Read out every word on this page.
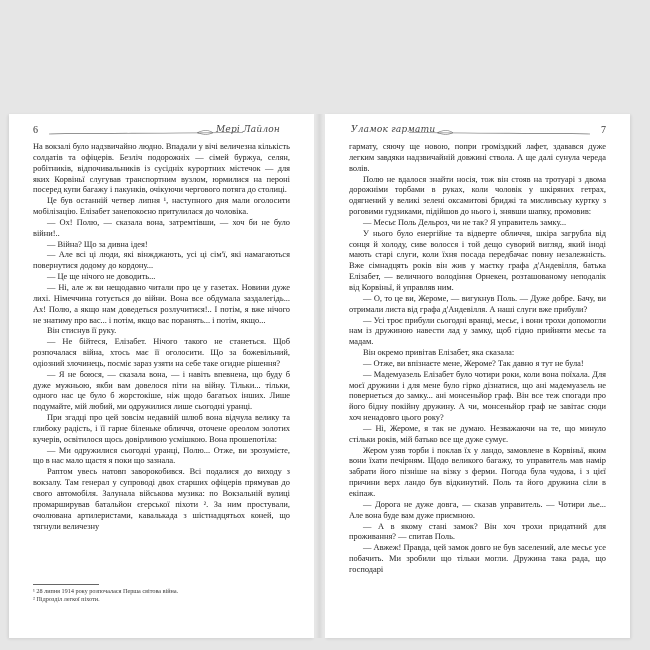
6	Мері Лайлон

На вокзалі було надзвичайно людно. Впадали у вічі величезна кількість солдатів та офіцерів. Безліч подорожніх — сімей буржуа, селян, робітників, відпочивальників із сусідніх курортних містечок — для яких Корвіньї слугував транспортним вузлом, юрмилися на пероні посеред купи багажу і пакунків, очікуючи чергового потяга до столиці.

Це був останній четвер липня ¹, наступного дня мали оголосити мобілізацію. Елізабет занепокоєно притулилася до чоловіка.

— Ох! Полю, — сказала вона, затремтівши, — хоч би не було війни!..

— Війна? Що за дивна ідея!

— Але всі ці люди, які вінжджають, усі ці сім'ї, які намагаються повернутися додому до кордону...

— Це ще нічого не доводить...

— Ні, але ж ви нещодавно читали про це у газетах. Новини дуже лихі. Німеччина готується до війни. Вона все обдумала заздалегідь... Ах! Полю, а якщо нам доведеться розлучитися!.. І потім, я вже нічого не знатиму про вас... і потім, якщо вас поранять... і потім, якщо...

Він стиснув її руку.

— Не бійтеся, Елізабет. Нічого такого не станеться. Щоб розпочалася війна, хтось має її оголосити. Що за божевільний, одіозний злочинець, посміє зараз узяти на себе таке огидне рішення?

— Я не боюся, — сказала вона, — і навіть впевнена, що буду б дуже мужньою, якби вам довелося піти на війну. Тільки... тільки, одного нас це було б жорстокіше, ніж щодо багатьох інших. Лише подумайте, мій любий, ми одружилися лише сьогодні уранці.

При згадці про цей зовсім недавній шлюб вона відчула велику та глибоку радість, і її гарне біленьке обличчя, оточене ореолом золотих кучерів, освітилося щось довірливою усмішкою. Вона прошепотіла:

— Ми одружилися сьогодні уранці, Полю... Отже, ви зрозумієте, що в нас мало щастя я поки що зазнала.

Раптом увесь натовп заворокобився. Всі подалися до виходу з вокзалу. Там генерал у супроводі двох старших офіцерів прямував до свого автомобіля. Залунала військова музика: по Вокзальній вулиці промарширував батальйон єгерської піхоти ². За ним простували, очолювана артилеристами, кавалькада з шістнадцятьох коней, що тягнули величезну

¹ 28 липня 1914 року розпочалася Перша світова війна.

² Підрозділ легкої піхоти.

Уламок гармати	7

гармату, сяючу ще новою, попри громіздкий лафет, здавався дуже легким завдяки надзвичайній довжині ствола. А ще далі сунула череда волів.

Полю не вдалося знайти носія, тож він стояв на тротуарі з двома дорожніми торбами в руках, коли чоловік у шкіряних гетрах, одягнений у великі зелені оксамитові бриджі та мисливську куртку з роговими гудзиками, підійшов до нього і, знявши шапку, промовив:

— Месьє Поль Дельроз, чи не так? Я управитель замку...

У нього було енергійне та відверте обличчя, шкіра загрубла від сонця й холоду, сиве волосся і той дещо суворий вигляд, який іноді мають старі слуги, коли їхня посада передбачає повну незалежність. Вже сімнадцять років він жив у маєтку графа д'Андевілля, батька Елізабет, — величного володіння Орнекен, розташованому неподалік від Корвіньї, й управляв ним.

— О, то це ви, Жероме, — вигукнув Поль. — Дуже добре. Бачу, ви отримали листа від графа д'Андевілля. А наші слуги вже прибули?

— Усі троє прибули сьогодні вранці, месьє, і вони трохи допомогли нам із дружиною навести лад у замку, щоб гідно прийняти месьє та мадам.

Він окремо привітав Елізабет, яка сказала:

— Отже, ви впізнаєте мене, Жероме? Так давно я тут не була!

— Мадемуазель Елізабет було чотири роки, коли вона поїхала. Для моєї дружини і для мене було гірко дізнатися, що ані мадемуазель не повернеться до замку... ані монсеньйор граф. Він все теж спогади про його бідну покійну дружину. А чи, монсеньйор граф не завітає сюди хоч ненадовго цього року?

— Ні, Жероме, я так не думаю. Незважаючи на те, що минуло стільки років, мій батько все ще дуже сумує.

Жером узяв торби і поклав їх у ландо, замовлене в Корвіньї, яким вони їхати печірням. Щодо великого багажу, то управитель мав намір забрати його пізніше на візку з ферми. Погода була чудова, і з цієї причини верх ландо був відкинутий. Поль та його дружина сіли в екіпаж.

— Дорога не дуже довга, — сказав управитель. — Чотири лье... Але вона буде вам дуже приємною.

— А в якому стані замок? Він хоч трохи придатний для проживання? — спитав Поль.

— Авжеж! Правда, цей замок довго не був заселений, але месьє усе побачить. Ми зробили що тільки могли. Дружина така рада, що господарі
